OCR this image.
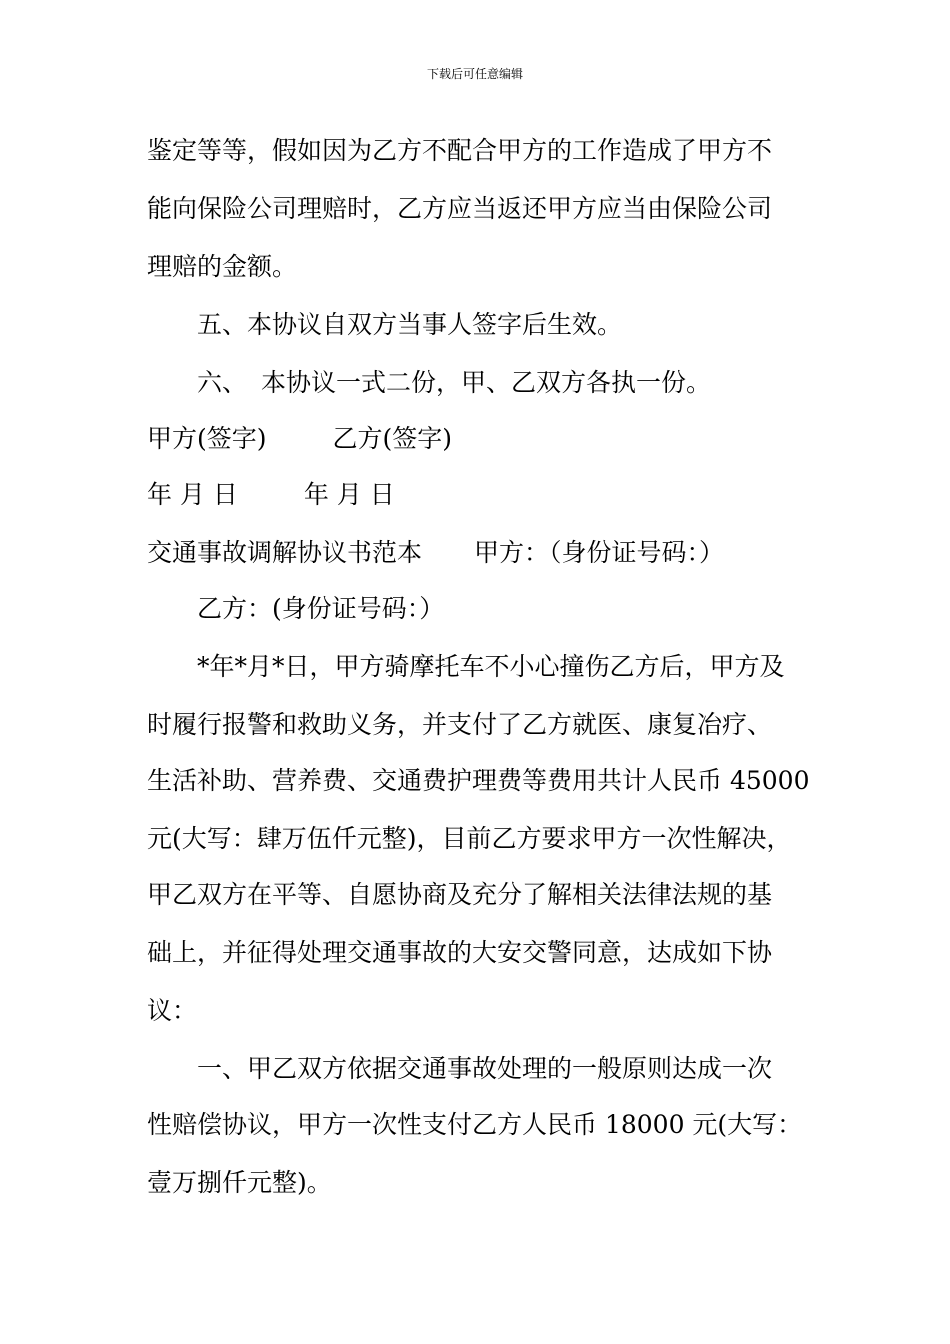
下载后可任意编辑
鉴定等等，假如因为乙方不配合甲方的工作造成了甲方不
能向保险公司理赔时，乙方应当返还甲方应当由保险公司
理赔的金额。
五、本协议自双方当事人签字后生效。
六、 本协议一式二份，甲、乙双方各执一份。
甲方(签字)	乙方(签字)
年 月 日	年 月 日
交通事故调解协议书范本 甲方：（身份证号码：）
乙方：(身份证号码：）
*年*月*日，甲方骑摩托车不小心撞伤乙方后，甲方及
时履行报警和救助义务，并支付了乙方就医、康复冶疗、
生活补助、营养费、交通费护理费等费用共计人民币 45000
元(大写：肆万伍仟元整)，目前乙方要求甲方一次性解决，
甲乙双方在平等、自愿协商及充分了解相关法律法规的基
础上，并征得处理交通事故的大安交警同意，达成如下协
议：
一、甲乙双方依据交通事故处理的一般原则达成一次
性赔偿协议，甲方一次性支付乙方人民币 18000 元(大写：
壹万捌仟元整)。
